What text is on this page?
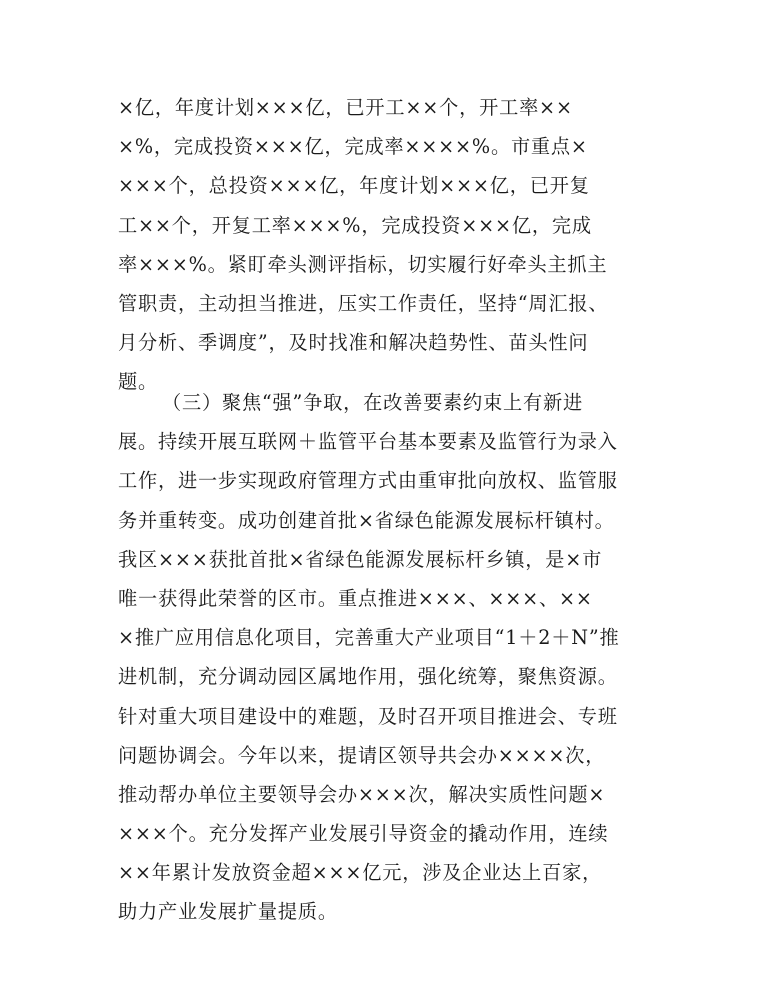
×亿，年度计划×××亿，已开工××个，开工率××
×%，完成投资×××亿，完成率××××%。市重点×
×××个，总投资×××亿，年度计划×××亿，已开复
工××个，开复工率×××%，完成投资×××亿，完成
率×××%。紧盯牵头测评指标，切实履行好牵头主抓主
管职责，主动担当推进，压实工作责任，坚持“周汇报、
月分析、季调度”，及时找准和解决趋势性、苗头性问
题。
（三）聚焦“强”争取，在改善要素约束上有新进
展。持续开展互联网＋监管平台基本要素及监管行为录入
工作，进一步实现政府管理方式由重审批向放权、监管服
务并重转变。成功创建首批×省绿色能源发展标杆镇村。
我区×××获批首批×省绿色能源发展标杆乡镇，是×市
唯一获得此荣誉的区市。重点推进×××、×××、××
×推广应用信息化项目，完善重大产业项目“1＋2＋N”推
进机制，充分调动园区属地作用，强化统筹，聚焦资源。
针对重大项目建设中的难题，及时召开项目推进会、专班
问题协调会。今年以来，提请区领导共会办××××次，
推动帮办单位主要领导会办×××次，解决实质性问题×
×××个。充分发挥产业发展引导资金的撬动作用，连续
××年累计发放资金超×××亿元，涉及企业达上百家，
助力产业发展扩量提质。
